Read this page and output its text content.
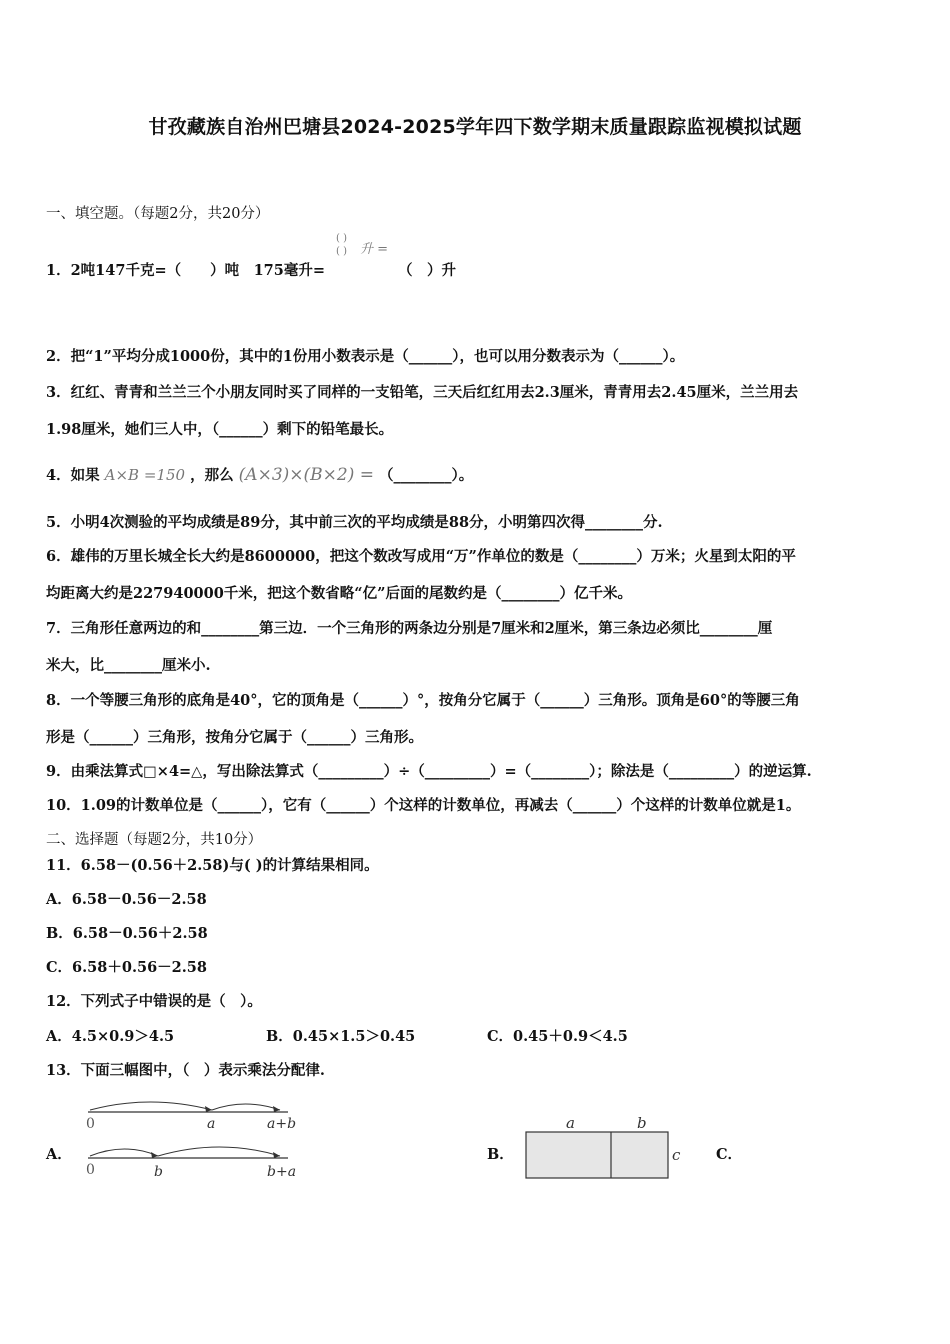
甘孜藏族自治州巴塘县2024-2025学年四下数学期末质量跟踪监视模拟试题
一、填空题。（每题2分，共20分）
1．2吨147千克=（　　）吨　175毫升=
( )
( ) 升 =
（　）升
2．把“1”平均分成1000份，其中的1份用小数表示是（______），也可以用分数表示为（______）。
3．红红、青青和兰兰三个小朋友同时买了同样的一支铅笔，三天后红红用去2.3厘米，青青用去2.45厘米，兰兰用去
1.98厘米，她们三人中，（______）剩下的铅笔最长。
4．如果 A×B =150 ，那么 (A×3)×(B×2) = （________）。
5．小明4次测验的平均成绩是89分，其中前三次的平均成绩是88分，小明第四次得________分.
6．雄伟的万里长城全长大约是8600000，把这个数改写成用“万”作单位的数是（________）万米；火星到太阳的平
均距离大约是227940000千米，把这个数省略“亿”后面的尾数约是（________）亿千米。
7．三角形任意两边的和________第三边．一个三角形的两条边分别是7厘米和2厘米，第三条边必须比________厘
米大，比________厘米小.
8．一个等腰三角形的底角是40°，它的顶角是（______）°，按角分它属于（______）三角形。顶角是60°的等腰三角
形是（______）三角形，按角分它属于（______）三角形。
9．由乘法算式□×4=△，写出除法算式（_________）÷（_________）=（________）；除法是（_________）的逆运算.
10．1.09的计数单位是（______），它有（______）个这样的计数单位，再减去（______）个这样的计数单位就是1。
二、选择题（每题2分，共10分）
11．6.58－(0.56＋2.58)与( )的计算结果相同。
A．6.58－0.56－2.58
B．6.58－0.56＋2.58
C．6.58＋0.56－2.58
12．下列式子中错误的是（　）。
A．4.5×0.9＞4.5	B．0.45×1.5＞0.45	C．0.45＋0.9＜4.5
13．下面三幅图中，（　）表示乘法分配律.
A．
0	a	a+b
0	b	b+a
B．
a	b
c C．
